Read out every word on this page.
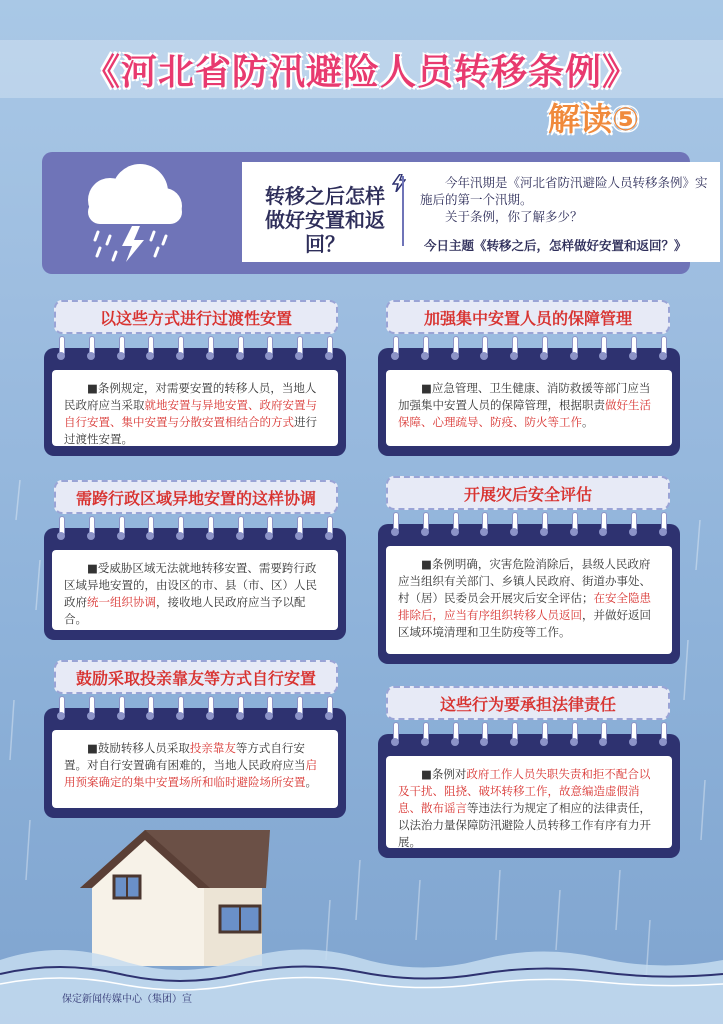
《河北省防汛避险人员转移条例》
解读⑤
转移之后怎样做好安置和返回？
今年汛期是《河北省防汛避险人员转移条例》实施后的第一个汛期。
关于条例，你了解多少？
今日主题《转移之后，怎样做好安置和返回？》
以这些方式进行过渡性安置
■条例规定，对需要安置的转移人员，当地人民政府应当采取就地安置与异地安置、政府安置与自行安置、集中安置与分散安置相结合的方式进行过渡性安置。
加强集中安置人员的保障管理
■应急管理、卫生健康、消防救援等部门应当加强集中安置人员的保障管理，根据职责做好生活保障、心理疏导、防疫、防火等工作。
需跨行政区域异地安置的这样协调
■受威胁区域无法就地转移安置、需要跨行政区域异地安置的，由设区的市、县（市、区）人民政府统一组织协调，接收地人民政府应当予以配合。
开展灾后安全评估
■条例明确，灾害危险消除后，县级人民政府应当组织有关部门、乡镇人民政府、街道办事处、村（居）民委员会开展灾后安全评估；在安全隐患排除后，应当有序组织转移人员返回，并做好返回区域环境清理和卫生防疫等工作。
鼓励采取投亲靠友等方式自行安置
■鼓励转移人员采取投亲靠友等方式自行安置。对自行安置确有困难的，当地人民政府应当启用预案确定的集中安置场所和临时避险场所安置。
这些行为要承担法律责任
■条例对政府工作人员失职失责和拒不配合以及干扰、阻挠、破坏转移工作，故意编造虚假消息、散布谣言等违法行为规定了相应的法律责任，以法治力量保障防汛避险人员转移工作有序有力开展。
保定新闻传媒中心（集团）宣
